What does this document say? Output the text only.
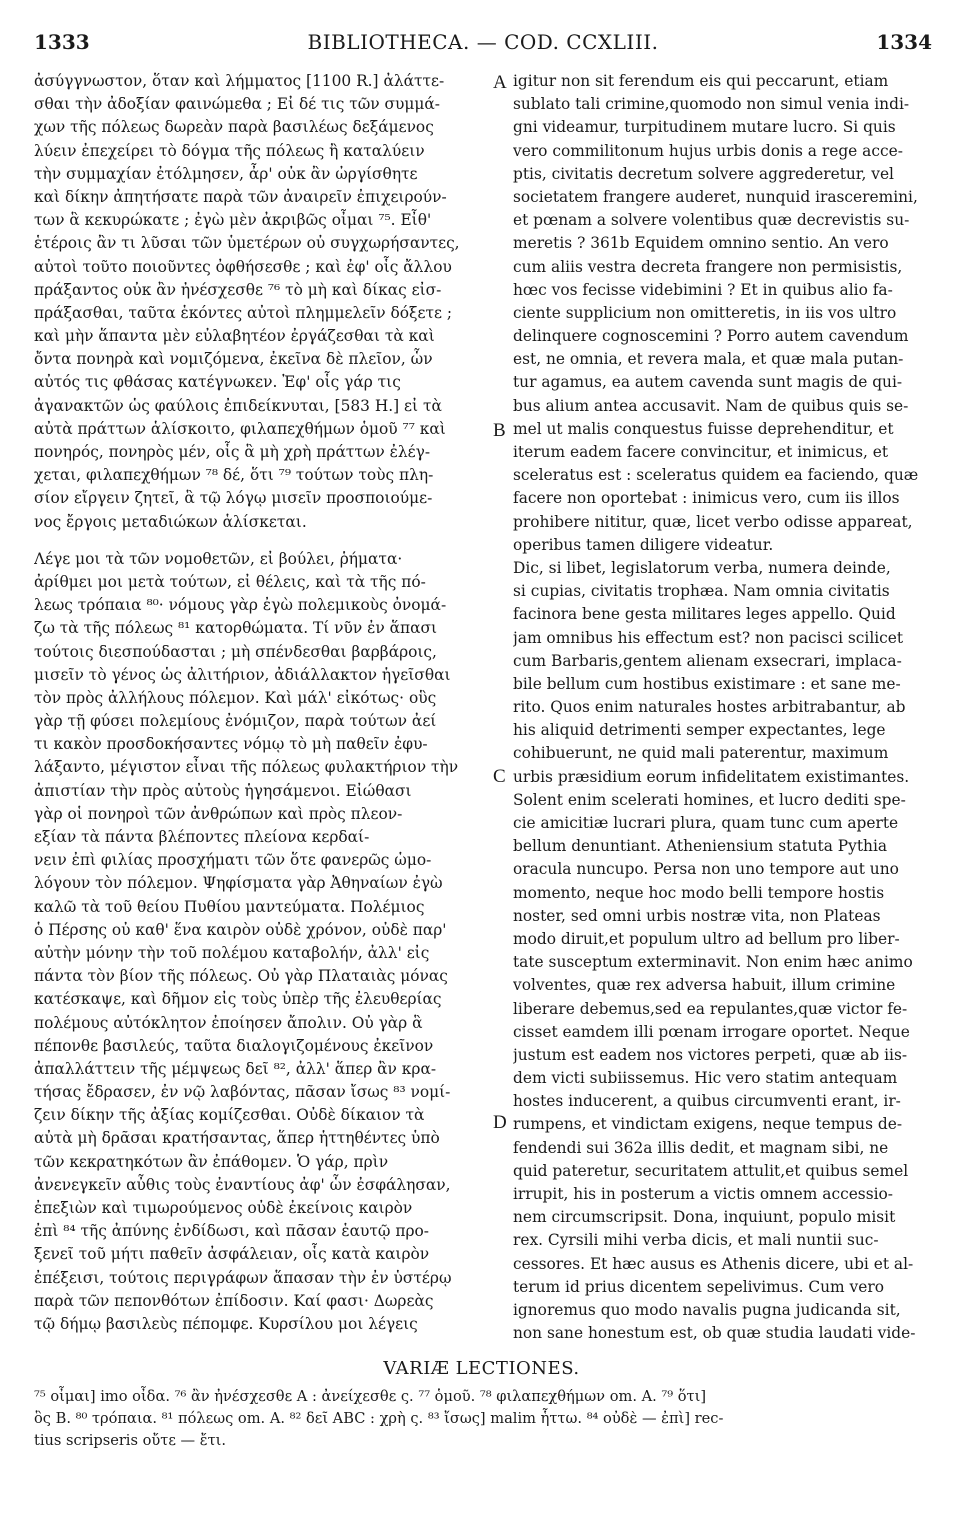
1333	BIBLIOTHECA. — COD. CCXLIII.	1334
ἀσύγγνωστον, ὅταν καὶ λήμματος [1100 R.] ἀλάττε-
σθαι τὴν ἀδοξίαν φαινώμεθα ; Εἰ δέ τις τῶν συμμά-
χων τῆς πόλεως δωρεὰν παρὰ βασιλέως δεξάμενος
λύειν ἐπεχείρει τὸ δόγμα τῆς πόλεως ἢ καταλύειν
τὴν συμμαχίαν ἐτόλμησεν, ἆρ' οὐκ ἂν ὠργίσθητε
καὶ δίκην ἀπητήσατε παρὰ τῶν ἀναιρεῖν ἐπιχειρούν-
των ἃ κεκυρώκατε ; ἐγὼ μὲν ἀκριβῶς οἶμαι ⁷⁵. Εἶθ'
ἑτέροις ἂν τι λῦσαι τῶν ὑμετέρων οὐ συγχωρήσαντες,
αὐτοὶ τοῦτο ποιοῦντες ὀφθήσεσθε ; καὶ ἐφ' οἷς ἄλλου
πράξαντος οὐκ ἂν ἠνέσχεσθε ⁷⁶ τὸ μὴ καὶ δίκας εἰσ-
πράξασθαι, ταῦτα ἑκόντες αὐτοὶ πλημμελεῖν δόξετε ;
καὶ μὴν ἅπαντα μὲν εὐλαβητέον ἐργάζεσθαι τὰ καὶ
ὄντα πονηρὰ καὶ νομιζόμενα, ἐκεῖνα δὲ πλεῖον, ὧν
αὐτός τις φθάσας κατέγνωκεν. Ἐφ' οἷς γάρ τις
ἀγανακτῶν ὡς φαύλοις ἐπιδείκνυται, [583 H.] εἰ τὰ
αὐτὰ πράττων ἁλίσκοιτο, φιλαπεχθήμων ὁμοῦ ⁷⁷ καὶ
πονηρός, πονηρὸς μέν, οἷς ἃ μὴ χρὴ πράττων ἐλέγ-
χεται, φιλαπεχθήμων ⁷⁸ δέ, ὅτι ⁷⁹ τούτων τοὺς πλη-
σίον εἴργειν ζητεῖ, ἃ τῷ λόγῳ μισεῖν προσποιούμε-
νος ἔργοις μεταδιώκων ἁλίσκεται.
Λέγε μοι τὰ τῶν νομοθετῶν, εἰ βούλει, ῥήματα·
ἀρίθμει μοι μετὰ τούτων, εἰ θέλεις, καὶ τὰ τῆς πό-
λεως τρόπαια ⁸⁰· νόμους γὰρ ἐγὼ πολεμικοὺς ὀνομά-
ζω τὰ τῆς πόλεως ⁸¹ κατορθώματα. Τί νῦν ἐν ἅπασι
τούτοις διεσπούδασται ; μὴ σπένδεσθαι βαρβάροις,
μισεῖν τὸ γένος ὡς ἀλιτήριον, ἀδιάλλακτον ἡγεῖσθαι
τὸν πρὸς ἀλλήλους πόλεμον. Καὶ μάλ' εἰκότως· οὓς
γὰρ τῇ φύσει πολεμίους ἐνόμιζον, παρὰ τούτων ἀεί
τι κακὸν προσδοκήσαντες νόμῳ τὸ μὴ παθεῖν ἐφυ-
λάξαντο, μέγιστον εἶναι τῆς πόλεως φυλακτήριον τὴν
ἀπιστίαν τὴν πρὸς αὐτοὺς ἡγησάμενοι. Εἰώθασι
γὰρ οἱ πονηροὶ τῶν ἀνθρώπων καὶ πρὸς πλεον-
εξίαν τὰ πάντα βλέποντες πλείονα κερδαί-
νειν ἐπὶ φιλίας προσχήματι τῶν ὅτε φανερῶς ὡμο-
λόγουν τὸν πόλεμον. Ψηφίσματα γὰρ Ἀθηναίων ἐγὼ
καλῶ τὰ τοῦ θείου Πυθίου μαντεύματα. Πολέμιος
ὁ Πέρσης οὐ καθ' ἕνα καιρὸν οὐδὲ χρόνον, οὐδὲ παρ'
αὐτὴν μόνην τὴν τοῦ πολέμου καταβολήν, ἀλλ' εἰς
πάντα τὸν βίον τῆς πόλεως. Οὐ γὰρ Πλαταιὰς μόνας
κατέσκαψε, καὶ δῆμον εἰς τοὺς ὑπὲρ τῆς ἐλευθερίας
πολέμους αὐτόκλητον ἐποίησεν ἄπολιν. Οὐ γὰρ ἃ
πέπονθε βασιλεύς, ταῦτα διαλογιζομένους ἐκεῖνον
ἀπαλλάττειν τῆς μέμψεως δεῖ ⁸², ἀλλ' ἅπερ ἂν κρα-
τήσας ἔδρασεν, ἐν νῷ λαβόντας, πᾶσαν ἴσως ⁸³ νομί-
ζειν δίκην τῆς ἀξίας κομίζεσθαι. Οὐδὲ δίκαιον τὰ
αὐτὰ μὴ δρᾶσαι κρατήσαντας, ἅπερ ἡττηθέντες ὑπὸ
τῶν κεκρατηκότων ἂν ἐπάθομεν. Ὁ γάρ, πρὶν
ἀνενεγκεῖν αὖθις τοὺς ἐναντίους ἀφ' ὧν ἐσφάλησαν,
ἐπεξιὼν καὶ τιμωρούμενος οὐδὲ ἐκείνοις καιρὸν
ἐπὶ ⁸⁴ τῆς ἀπύνης ἐνδίδωσι, καὶ πᾶσαν ἑαυτῷ προ-
ξενεῖ τοῦ μήτι παθεῖν ἀσφάλειαν, οἷς κατὰ καιρὸν
ἐπέξεισι, τούτοις περιγράφων ἅπασαν τὴν ἐν ὑστέρῳ
παρὰ τῶν πεπονθότων ἐπίδοσιν. Καί φασι· Δωρεὰς
τῷ δήμῳ βασιλεὺς πέπομφε. Κυρσίλου μοι λέγεις
A
B
C
D
igitur non sit ferendum eis qui peccarunt, etiam
sublato tali crimine,quomodo non simul venia indi-
gni videamur, turpitudinem mutare lucro. Si quis
vero commilitonum hujus urbis donis a rege acce-
ptis, civitatis decretum solvere aggrederetur, vel
societatem frangere auderet, nunquid irasceremini,
et pœnam a solvere volentibus quæ decrevistis su-
meretis ? 361b Equidem omnino sentio. An vero
cum aliis vestra decreta frangere non permisistis,
hœc vos fecisse videbimini ? Et in quibus alio fa-
ciente supplicium non omitteretis, in iis vos ultro
delinquere cognoscemini ? Porro autem cavendum
est, ne omnia, et revera mala, et quæ mala putan-
tur agamus, ea autem cavenda sunt magis de qui-
bus alium antea accusavit. Nam de quibus quis se-
mel ut malis conquestus fuisse deprehenditur, et
iterum eadem facere convincitur, et inimicus, et
sceleratus est : sceleratus quidem ea faciendo, quæ
facere non oportebat : inimicus vero, cum iis illos
prohibere nititur, quæ, licet verbo odisse appareat,
operibus tamen diligere videatur.
Dic, si libet, legislatorum verba, numera deinde,
si cupias, civitatis trophæa. Nam omnia civitatis
facinora bene gesta militares leges appello. Quid
jam omnibus his effectum est? non pacisci scilicet
cum Barbaris,gentem alienam exsecrari, implaca-
bile bellum cum hostibus existimare : et sane me-
rito. Quos enim naturales hostes arbitrabantur, ab
his aliquid detrimenti semper expectantes, lege
cohibuerunt, ne quid mali paterentur, maximum
urbis præsidium eorum infidelitatem existimantes.
Solent enim scelerati homines, et lucro dediti spe-
cie amicitiæ lucrari plura, quam tunc cum aperte
bellum denuntiant. Atheniensium statuta Pythia
oracula nuncupo. Persa non uno tempore aut uno
momento, neque hoc modo belli tempore hostis
noster, sed omni urbis nostræ vita, non Plateas
modo diruit,et populum ultro ad bellum pro liber-
tate susceptum exterminavit. Non enim hæc animo
volventes, quæ rex adversa habuit, illum crimine
liberare debemus,sed ea repulantes,quæ victor fe-
cisset eamdem illi pœnam irrogare oportet. Neque
justum est eadem nos victores perpeti, quæ ab iis-
dem victi subiissemus. Hic vero statim antequam
hostes inducerent, a quibus circumventi erant, ir-
rumpens, et vindictam exigens, neque tempus de-
fendendi sui 362a illis dedit, et magnam sibi, ne
quid pateretur, securitatem attulit,et quibus semel
irrupit, his in posterum a victis omnem accessio-
nem circumscripsit. Dona, inquiunt, populo misit
rex. Cyrsili mihi verba dicis, et mali nuntii suc-
cessores. Et hæc ausus es Athenis dicere, ubi et al-
terum id prius dicentem sepelivimus. Cum vero
ignoremus quo modo navalis pugna judicanda sit,
non sane honestum est, ob quæ studia laudati vide-
VARIÆ LECTIONES.
⁷⁵ οἶμαι] imo οἶδα. ⁷⁶ ἂν ἠνέσχεσθε A : ἀνείχεσθε ς. ⁷⁷ ὁμοῦ. ⁷⁸ φιλαπεχθήμων om. A. ⁷⁹ ὅτι]
ὃς B. ⁸⁰ τρόπαια. ⁸¹ πόλεως om. A. ⁸² δεῖ ABC : χρὴ ς. ⁸³ ἴσως] malim ἧττω. ⁸⁴ οὐδὲ — ἐπὶ] rec-
tius scripseris οὔτε — ἔτι.
